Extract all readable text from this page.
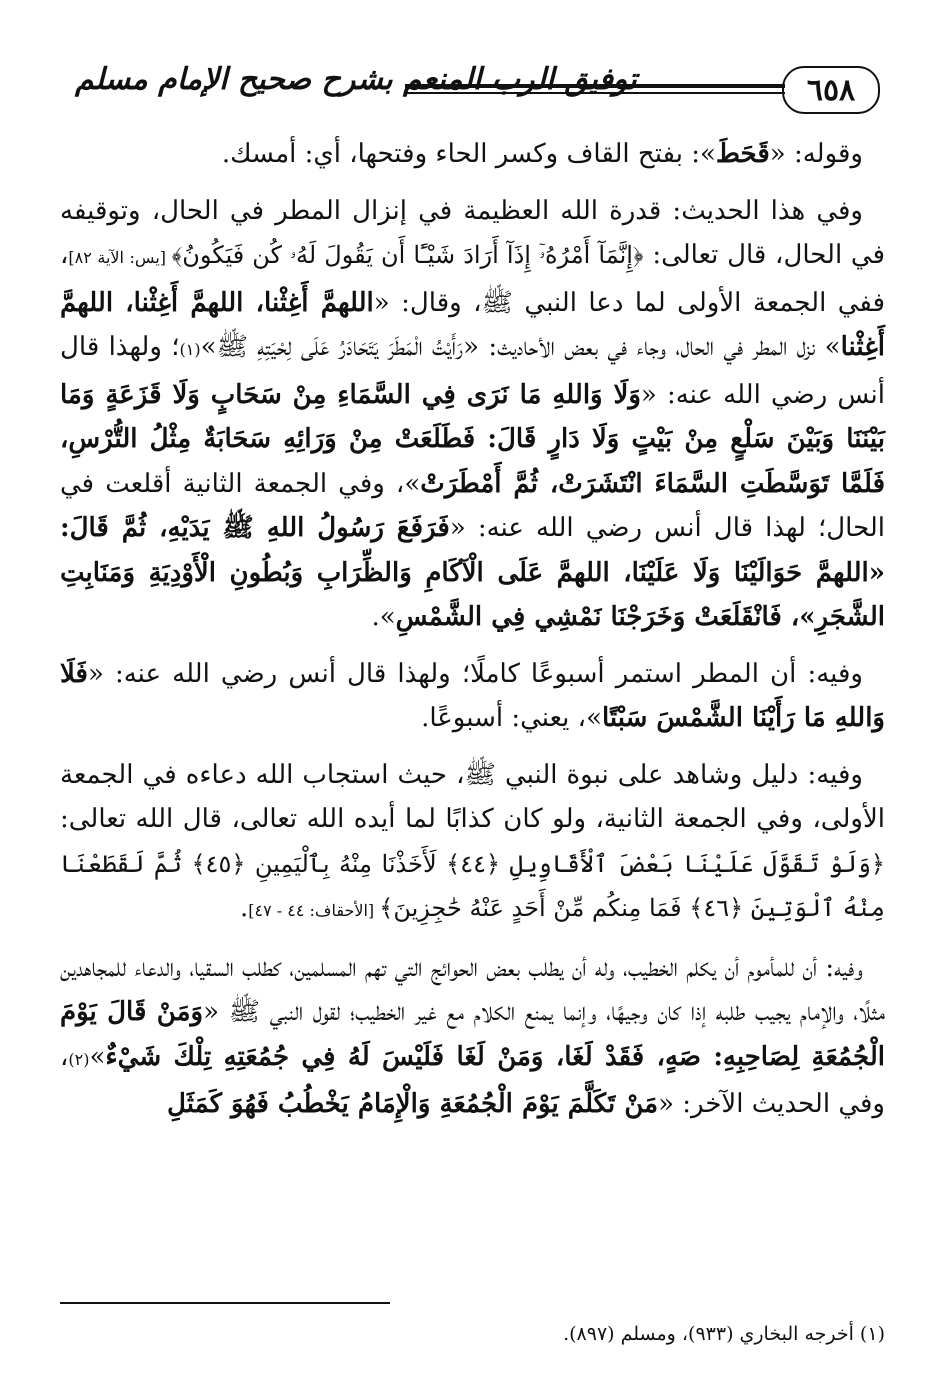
٦٥٨
توفيق الرب المنعم بشرح صحيح الإمام مسلم

وقوله: «قَحَطَ»: بفتح القاف وكسر الحاء وفتحها، أي: أمسك.

وفي هذا الحديث: قدرة الله العظيمة في إنزال المطر في الحال، وتوقيفه في الحال، قال تعالى: ﴿إِنَّمَآ أَمْرُهُۥٓ إِذَآ أَرَادَ شَيْـًٔا أَن يَقُولَ لَهُۥ كُن فَيَكُونُ﴾ [يس: الآية ٨٢]، ففي الجمعة الأولى لما دعا النبي ﷺ، وقال: «اللهمَّ أَغِثْنا، اللهمَّ أَغِثْنا، اللهمَّ أَغِثْنا» نزل المطر في الحال، وجاء في بعض الأحاديث: «رَأَيْتُ الْمَطَرَ يَتَحَادَرُ عَلَى لِحْيَتِهِ ﷺ»(١)؛ ولهذا قال أنس رضي الله عنه: «وَلَا وَاللهِ مَا نَرَى فِي السَّمَاءِ مِنْ سَحَابٍ وَلَا قَزَعَةٍ وَمَا بَيْنَنَا وَبَيْنَ سَلْعٍ مِنْ بَيْتٍ وَلَا دَارٍ قَالَ: فَطَلَعَتْ مِنْ وَرَائِهِ سَحَابَةٌ مِثْلُ التُّرْسِ، فَلَمَّا تَوَسَّطَتِ السَّمَاءَ انْتَشَرَتْ، ثُمَّ أَمْطَرَتْ»، وفي الجمعة الثانية أقلعت في الحال؛ لهذا قال أنس رضي الله عنه: «فَرَفَعَ رَسُولُ اللهِ ﷺ يَدَيْهِ، ثُمَّ قَالَ: «اللهمَّ حَوَالَيْنَا وَلَا عَلَيْنَا، اللهمَّ عَلَى الْآكَامِ وَالظِّرَابِ وَبُطُونِ الْأَوْدِيَةِ وَمَنَابِتِ الشَّجَرِ»، فَانْقَلَعَتْ وَخَرَجْنَا نَمْشِي فِي الشَّمْسِ».

وفيه: أن المطر استمر أسبوعًا كاملًا؛ ولهذا قال أنس رضي الله عنه: «فَلَا وَاللهِ مَا رَأَيْنَا الشَّمْسَ سَبْتًا»، يعني: أسبوعًا.

وفيه: دليل وشاهد على نبوة النبي ﷺ، حيث استجاب الله دعاءه في الجمعة الأولى، وفي الجمعة الثانية، ولو كان كذابًا لما أيده الله تعالى، قال الله تعالى: ﴿وَلَوْ تَقَوَّلَ عَلَيْنَا بَعْضَ ٱلْأَقَاوِيلِ ﴿٤٤﴾ لَأَخَذْنَا مِنْهُ بِٱلْيَمِينِ ﴿٤٥﴾ ثُمَّ لَقَطَعْنَا مِنْهُ ٱلْوَتِينَ ﴿٤٦﴾ فَمَا مِنكُم مِّنْ أَحَدٍ عَنْهُ حَٰجِزِينَ﴾ [الأحقاف: ٤٤ - ٤٧].

وفيه: أن للمأموم أن يكلم الخطيب، وله أن يطلب بعض الحوائج التي تهم المسلمين، كطلب السقيا، والدعاء للمجاهدين مثلًا، والإمام يجيب طلبه إذا كان وجيهًا، وإنما يمنع الكلام مع غير الخطيب؛ لقول النبي ﷺ «وَمَنْ قَالَ يَوْمَ الْجُمُعَةِ لِصَاحِبِهِ: صَهٍ، فَقَدْ لَغَا، وَمَنْ لَغَا فَلَيْسَ لَهُ فِي جُمُعَتِهِ تِلْكَ شَيْءٌ»(٢)، وفي الحديث الآخر: «مَنْ تَكَلَّمَ يَوْمَ الْجُمُعَةِ وَالْإِمَامُ يَخْطُبُ فَهُوَ كَمَثَلِ

(١) أخرجه البخاري (٩٣٣)، ومسلم (٨٩٧).
